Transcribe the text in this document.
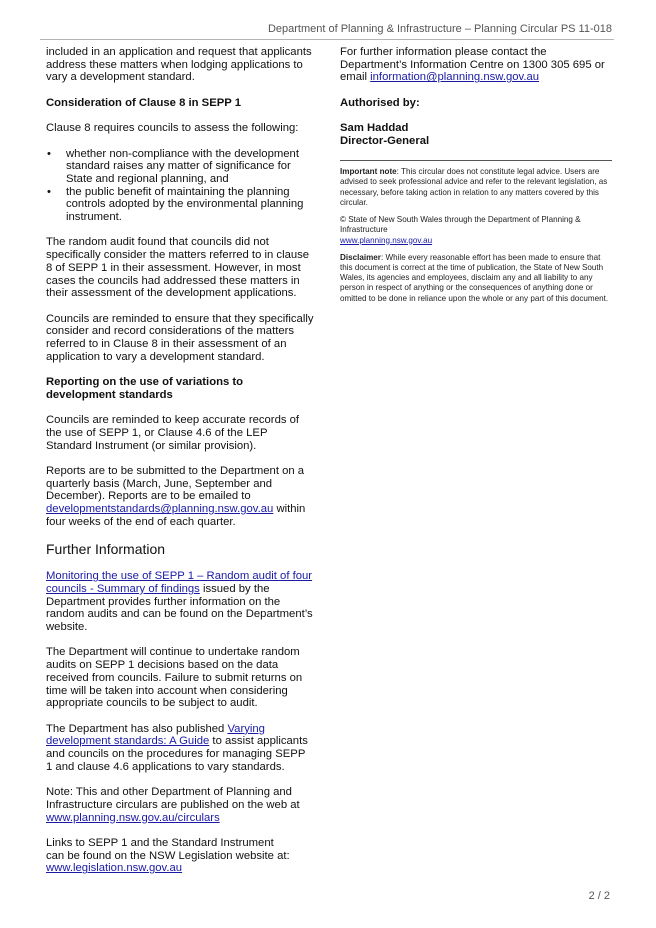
Department of Planning & Infrastructure – Planning Circular PS 11-018

included in an application and request that applicants address these matters when lodging applications to vary a development standard.

Consideration of Clause 8 in SEPP 1

Clause 8 requires councils to assess the following:

• whether non-compliance with the development standard raises any matter of significance for State and regional planning, and
• the public benefit of maintaining the planning controls adopted by the environmental planning instrument.

The random audit found that councils did not specifically consider the matters referred to in clause 8 of SEPP 1 in their assessment. However, in most cases the councils had addressed these matters in their assessment of the development applications.

Councils are reminded to ensure that they specifically consider and record considerations of the matters referred to in Clause 8 in their assessment of an application to vary a development standard.

Reporting on the use of variations to development standards

Councils are reminded to keep accurate records of the use of SEPP 1, or Clause 4.6 of the LEP Standard Instrument (or similar provision).

Reports are to be submitted to the Department on a quarterly basis (March, June, September and December). Reports are to be emailed to developmentstandards@planning.nsw.gov.au within four weeks of the end of each quarter.

Further Information

Monitoring the use of SEPP 1 – Random audit of four councils - Summary of findings issued by the Department provides further information on the random audits and can be found on the Department’s website.

The Department will continue to undertake random audits on SEPP 1 decisions based on the data received from councils. Failure to submit returns on time will be taken into account when considering appropriate councils to be subject to audit.

The Department has also published Varying development standards: A Guide to assist applicants and councils on the procedures for managing SEPP 1 and clause 4.6 applications to vary standards.

Note: This and other Department of Planning and Infrastructure circulars are published on the web at
www.planning.nsw.gov.au/circulars

Links to SEPP 1 and the Standard Instrument
can be found on the NSW Legislation website at:
www.legislation.nsw.gov.au

For further information please contact the Department’s Information Centre on 1300 305 695 or email information@planning.nsw.gov.au

Authorised by:

Sam Haddad

Director-General

Important note: This circular does not constitute legal advice. Users are advised to seek professional advice and refer to the relevant legislation, as necessary, before taking action in relation to any matters covered by this circular.

© State of New South Wales through the Department of Planning & Infrastructure
www.planning.nsw.gov.au

Disclaimer: While every reasonable effort has been made to ensure that this document is correct at the time of publication, the State of New South Wales, its agencies and employees, disclaim any and all liability to any person in respect of anything or the consequences of anything done or omitted to be done in reliance upon the whole or any part of this document.

2 / 2
